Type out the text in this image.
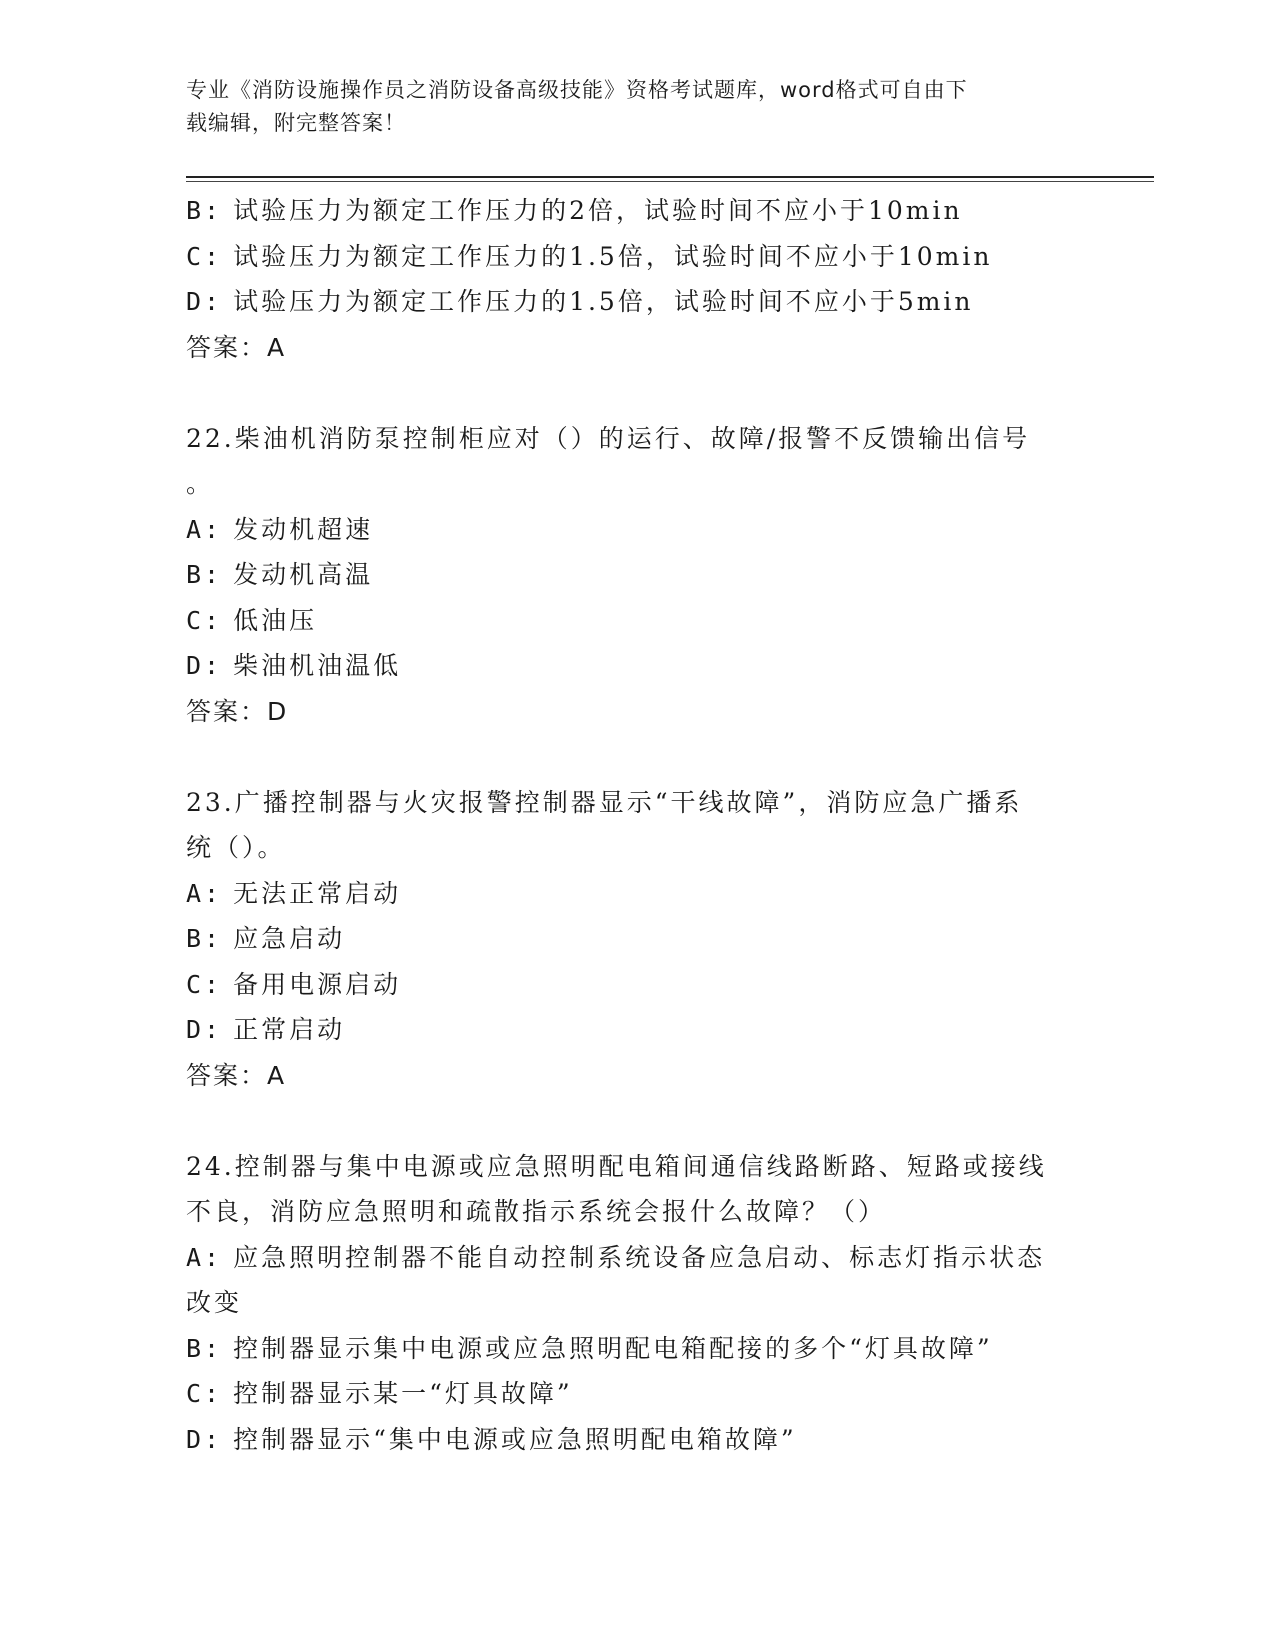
专业《消防设施操作员之消防设备高级技能》资格考试题库，word格式可自由下
载编辑，附完整答案！
B: 试验压力为额定工作压力的2倍，试验时间不应小于10min
C: 试验压力为额定工作压力的1.5倍，试验时间不应小于10min
D: 试验压力为额定工作压力的1.5倍，试验时间不应小于5min
答案：A
22.柴油机消防泵控制柜应对（）的运行、故障/报警不反馈输出信号
。
A: 发动机超速
B: 发动机高温
C: 低油压
D: 柴油机油温低
答案：D
23.广播控制器与火灾报警控制器显示“干线故障”，消防应急广播系
统（）。
A: 无法正常启动
B: 应急启动
C: 备用电源启动
D: 正常启动
答案：A
24.控制器与集中电源或应急照明配电箱间通信线路断路、短路或接线
不良，消防应急照明和疏散指示系统会报什么故障？（）
A: 应急照明控制器不能自动控制系统设备应急启动、标志灯指示状态
改变
B: 控制器显示集中电源或应急照明配电箱配接的多个“灯具故障”
C: 控制器显示某一“灯具故障”
D: 控制器显示“集中电源或应急照明配电箱故障”
